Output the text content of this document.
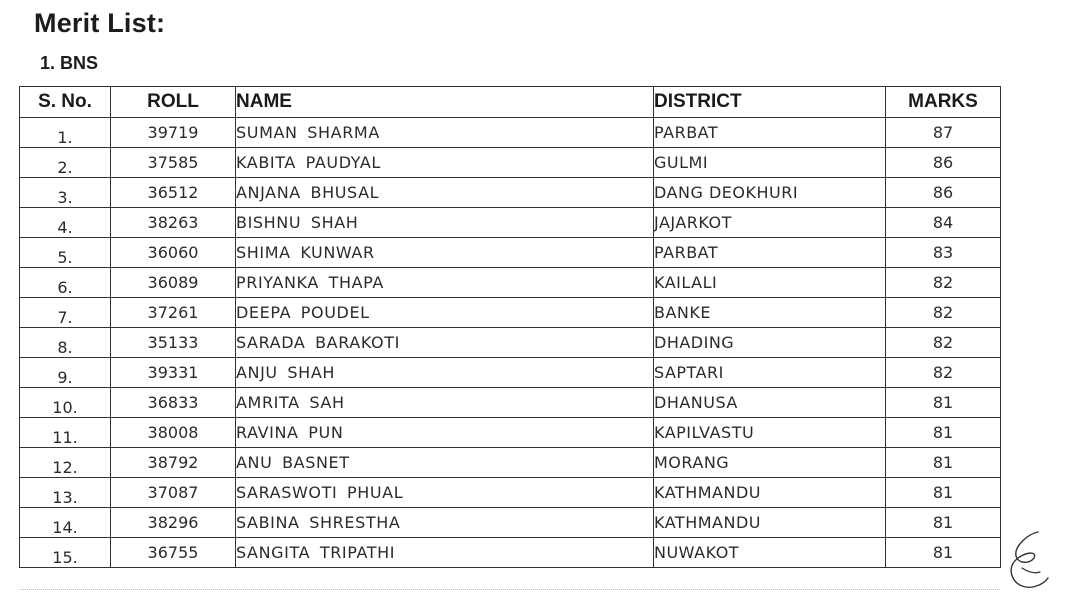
Merit List:
1. BNS
S. No.	ROLL	NAME	DISTRICT	MARKS
1.	39719	SUMAN SHARMA	PARBAT	87
2.	37585	KABITA PAUDYAL	GULMI	86
3.	36512	ANJANA BHUSAL	DANG DEOKHURI	86
4.	38263	BISHNU SHAH	JAJARKOT	84
5.	36060	SHIMA KUNWAR	PARBAT	83
6.	36089	PRIYANKA THAPA	KAILALI	82
7.	37261	DEEPA POUDEL	BANKE	82
8.	35133	SARADA BARAKOTI	DHADING	82
9.	39331	ANJU SHAH	SAPTARI	82
10.	36833	AMRITA SAH	DHANUSA	81
11.	38008	RAVINA PUN	KAPILVASTU	81
12.	38792	ANU BASNET	MORANG	81
13.	37087	SARASWOTI PHUAL	KATHMANDU	81
14.	38296	SABINA SHRESTHA	KATHMANDU	81
15.	36755	SANGITA TRIPATHI	NUWAKOT	81
